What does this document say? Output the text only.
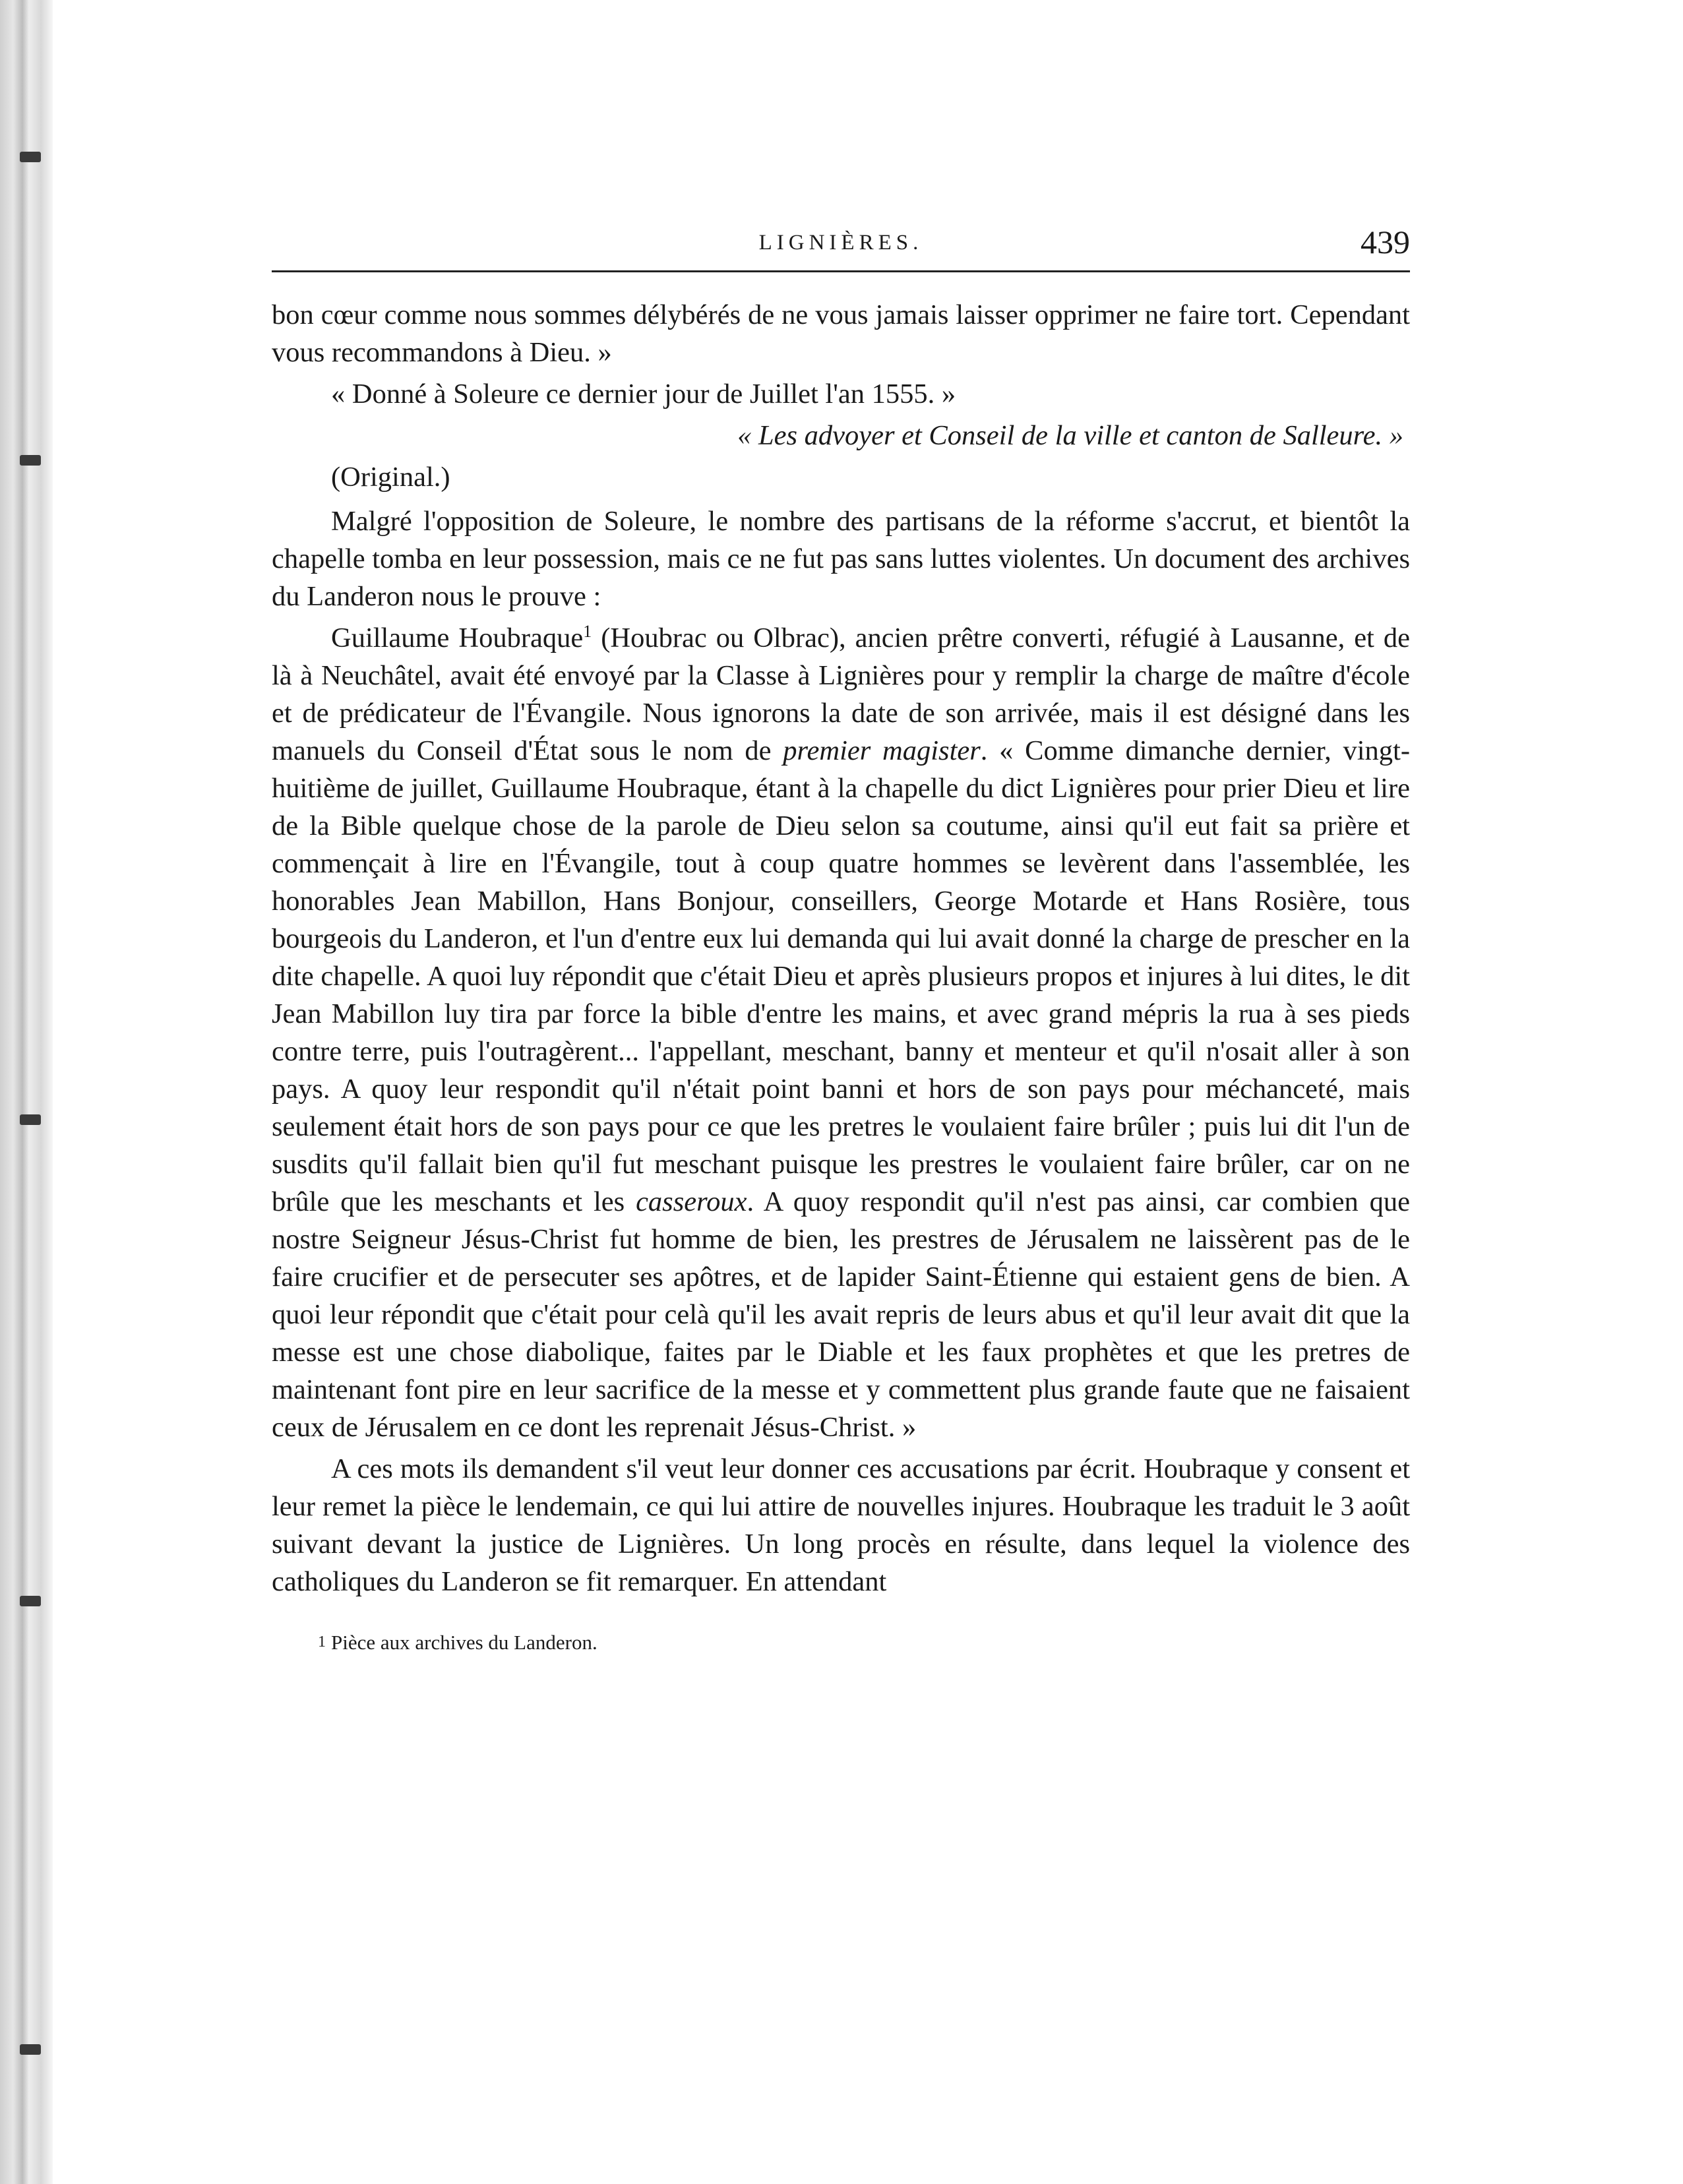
LIGNIÈRES.	439

bon cœur comme nous sommes délybérés de ne vous jamais laisser opprimer ne faire tort. Cependant vous recommandons à Dieu. »

« Donné à Soleure ce dernier jour de Juillet l'an 1555. »

« Les advoyer et Conseil de la ville et canton de Salleure. »

(Original.)

Malgré l'opposition de Soleure, le nombre des partisans de la réforme s'accrut, et bientôt la chapelle tomba en leur possession, mais ce ne fut pas sans luttes violentes. Un document des archives du Landeron nous le prouve :

Guillaume Houbraque$^1$ (Houbrac ou Olbrac), ancien prêtre converti, réfugié à Lausanne, et de là à Neuchâtel, avait été envoyé par la Classe à Lignières pour y remplir la charge de maître d'école et de prédicateur de l'Évangile. Nous ignorons la date de son arrivée, mais il est désigné dans les manuels du Conseil d'État sous le nom de premier magister. « Comme dimanche dernier, vingt-huitième de juillet, Guillaume Houbraque, étant à la chapelle du dict Lignières pour prier Dieu et lire de la Bible quelque chose de la parole de Dieu selon sa coutume, ainsi qu'il eut fait sa prière et commençait à lire en l'Évangile, tout à coup quatre hommes se levèrent dans l'assemblée, les honorables Jean Mabillon, Hans Bonjour, conseillers, George Motarde et Hans Rosière, tous bourgeois du Landeron, et l'un d'entre eux lui demanda qui lui avait donné la charge de prescher en la dite chapelle. A quoi luy répondit que c'était Dieu et après plusieurs propos et injures à lui dites, le dit Jean Mabillon luy tira par force la bible d'entre les mains, et avec grand mépris la rua à ses pieds contre terre, puis l'outragèrent... l'appellant, meschant, banny et menteur et qu'il n'osait aller à son pays. A quoy leur respondit qu'il n'était point banni et hors de son pays pour méchanceté, mais seulement était hors de son pays pour ce que les pretres le voulaient faire brûler ; puis lui dit l'un de susdits qu'il fallait bien qu'il fut meschant puisque les prestres le voulaient faire brûler, car on ne brûle que les meschants et les casseroux. A quoy respondit qu'il n'est pas ainsi, car combien que nostre Seigneur Jésus-Christ fut homme de bien, les prestres de Jérusalem ne laissèrent pas de le faire crucifier et de persecuter ses apôtres, et de lapider Saint-Étienne qui estaient gens de bien. A quoi leur répondit que c'était pour celà qu'il les avait repris de leurs abus et qu'il leur avait dit que la messe est une chose diabolique, faites par le Diable et les faux prophètes et que les pretres de maintenant font pire en leur sacrifice de la messe et y commettent plus grande faute que ne faisaient ceux de Jérusalem en ce dont les reprenait Jésus-Christ. »

A ces mots ils demandent s'il veut leur donner ces accusations par écrit. Houbraque y consent et leur remet la pièce le lendemain, ce qui lui attire de nouvelles injures. Houbraque les traduit le 3 août suivant devant la justice de Lignières. Un long procès en résulte, dans lequel la violence des catholiques du Landeron se fit remarquer. En attendant

1 Pièce aux archives du Landeron.
